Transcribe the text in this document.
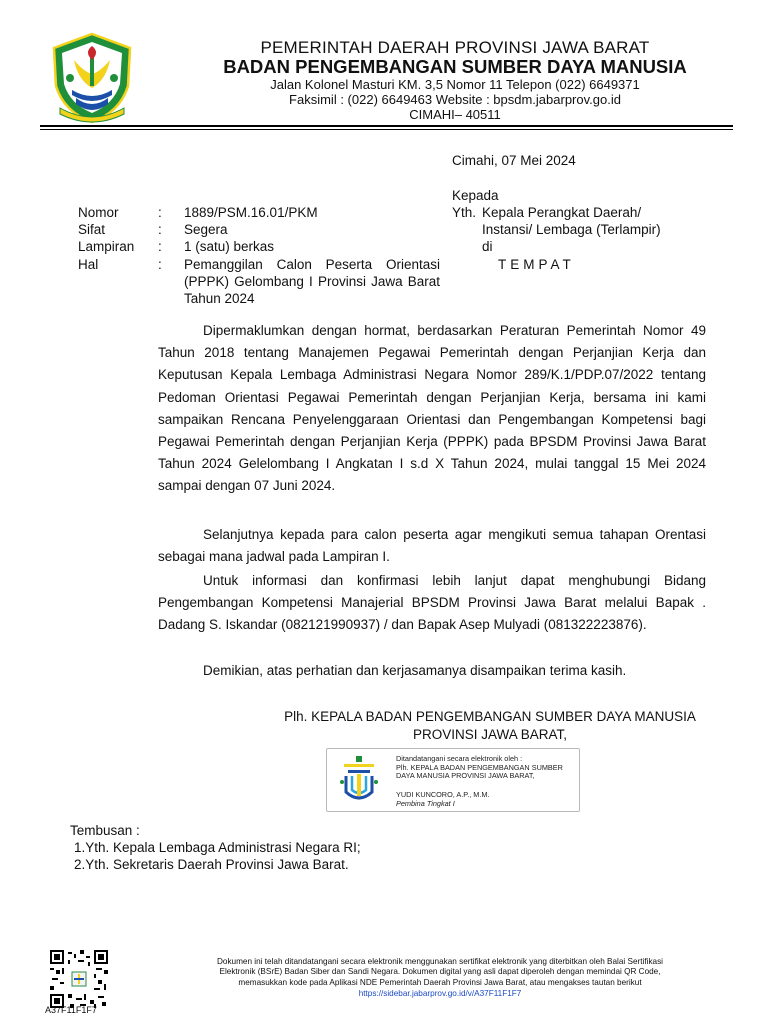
PEMERINTAH DAERAH PROVINSI JAWA BARAT
BADAN PENGEMBANGAN SUMBER DAYA MANUSIA
Jalan Kolonel Masturi KM. 3,5 Nomor 11 Telepon (022) 6649371
Faksimil : (022) 6649463 Website : bpsdm.jabarprov.go.id
CIMAHI– 40511
Cimahi, 07 Mei 2024
Kepada
Yth. Kepala Perangkat Daerah/
Instansi/ Lembaga (Terlampir)
di
TEMPAT
Nomor	: 1889/PSM.16.01/PKM
Sifat	: Segera
Lampiran : 1 (satu) berkas
Hal	: Pemanggilan Calon Peserta Orientasi (PPPK) Gelombang I Provinsi Jawa Barat Tahun 2024

Dipermaklumkan dengan hormat, berdasarkan Peraturan Pemerintah Nomor 49 Tahun 2018 tentang Manajemen Pegawai Pemerintah dengan Perjanjian Kerja dan Keputusan Kepala Lembaga Administrasi Negara Nomor 289/K.1/PDP.07/2022 tentang Pedoman Orientasi Pegawai Pemerintah dengan Perjanjian Kerja, bersama ini kami sampaikan Rencana Penyelenggaraan Orientasi dan Pengembangan Kompetensi bagi Pegawai Pemerintah dengan Perjanjian Kerja (PPPK) pada BPSDM Provinsi Jawa Barat Tahun 2024 Gelelombang I Angkatan I s.d X Tahun 2024, mulai tanggal 15 Mei 2024 sampai dengan 07 Juni 2024.

Selanjutnya kepada para calon peserta agar mengikuti semua tahapan Orentasi sebagai mana jadwal pada Lampiran I.

Untuk informasi dan konfirmasi lebih lanjut dapat menghubungi Bidang Pengembangan Kompetensi Manajerial BPSDM Provinsi Jawa Barat melalui Bapak . Dadang S. Iskandar (082121990937) / dan Bapak Asep Mulyadi (081322223876).

Demikian, atas perhatian dan kerjasamanya disampaikan terima kasih.

Plh. KEPALA BADAN PENGEMBANGAN SUMBER DAYA MANUSIA
PROVINSI JAWA BARAT,
Ditandatangani secara elektronik oleh :
Plh. KEPALA BADAN PENGEMBANGAN SUMBER
DAYA MANUSIA PROVINSI JAWA BARAT,
YUDI KUNCORO, A.P., M.M.
Pembina Tingkat I
Tembusan :
1.Yth. Kepala Lembaga Administrasi Negara RI;
2.Yth. Sekretaris Daerah Provinsi Jawa Barat.
A37F11F1F7
Dokumen ini telah ditandatangani secara elektronik menggunakan sertifikat elektronik yang diterbitkan oleh Balai Sertifikasi
Elektronik (BSrE) Badan Siber dan Sandi Negara. Dokumen digital yang asli dapat diperoleh dengan memindai QR Code,
memasukkan kode pada Aplikasi NDE Pemerintah Daerah Provinsi Jawa Barat, atau mengakses tautan berikut
https://sidebar.jabarprov.go.id/v/A37F11F1F7
